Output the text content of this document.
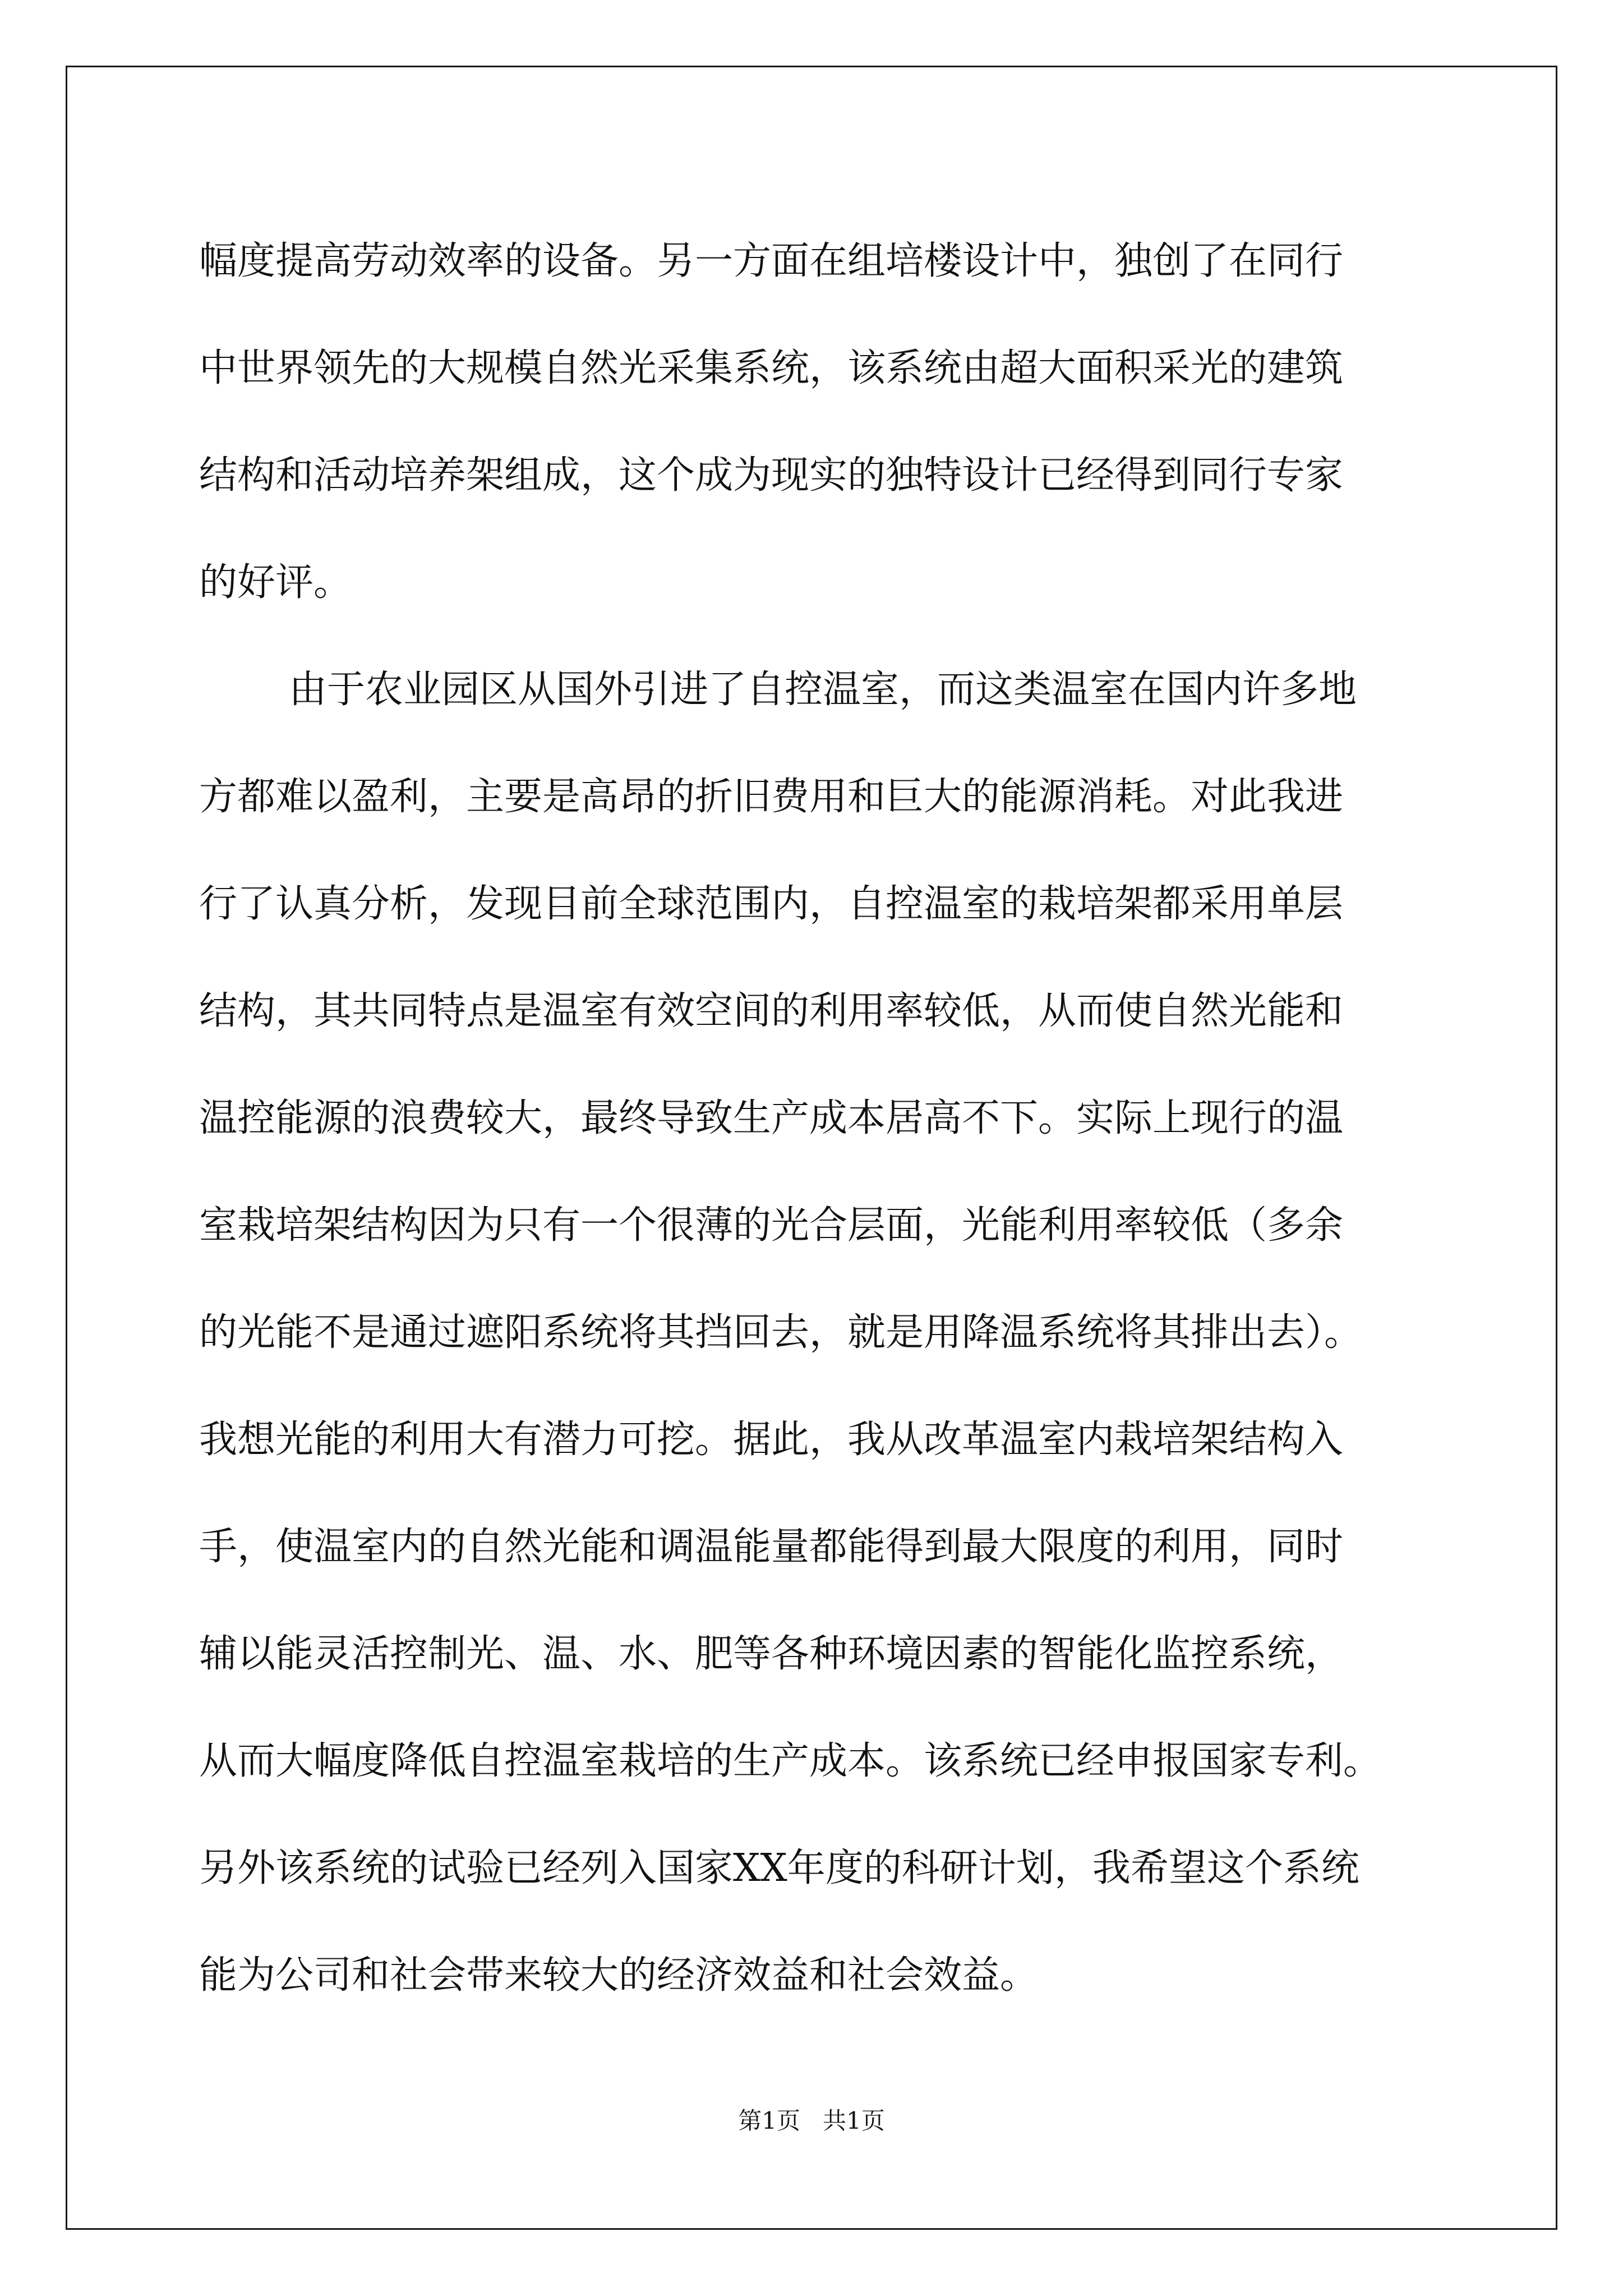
幅度提高劳动效率的设备。另一方面在组培楼设计中，独创了在同行
中世界领先的大规模自然光采集系统，该系统由超大面积采光的建筑
结构和活动培养架组成，这个成为现实的独特设计已经得到同行专家
的好评。
由于农业园区从国外引进了自控温室，而这类温室在国内许多地
方都难以盈利，主要是高昂的折旧费用和巨大的能源消耗。对此我进
行了认真分析，发现目前全球范围内，自控温室的栽培架都采用单层
结构，其共同特点是温室有效空间的利用率较低，从而使自然光能和
温控能源的浪费较大，最终导致生产成本居高不下。实际上现行的温
室栽培架结构因为只有一个很薄的光合层面，光能利用率较低（多余
的光能不是通过遮阳系统将其挡回去，就是用降温系统将其排出去）。
我想光能的利用大有潜力可挖。据此，我从改革温室内栽培架结构入
手，使温室内的自然光能和调温能量都能得到最大限度的利用，同时
辅以能灵活控制光、温、水、肥等各种环境因素的智能化监控系统，
从而大幅度降低自控温室栽培的生产成本。该系统已经申报国家专利。
另外该系统的试验已经列入国家XX年度的科研计划，我希望这个系统
能为公司和社会带来较大的经济效益和社会效益。
第1页   共1页
